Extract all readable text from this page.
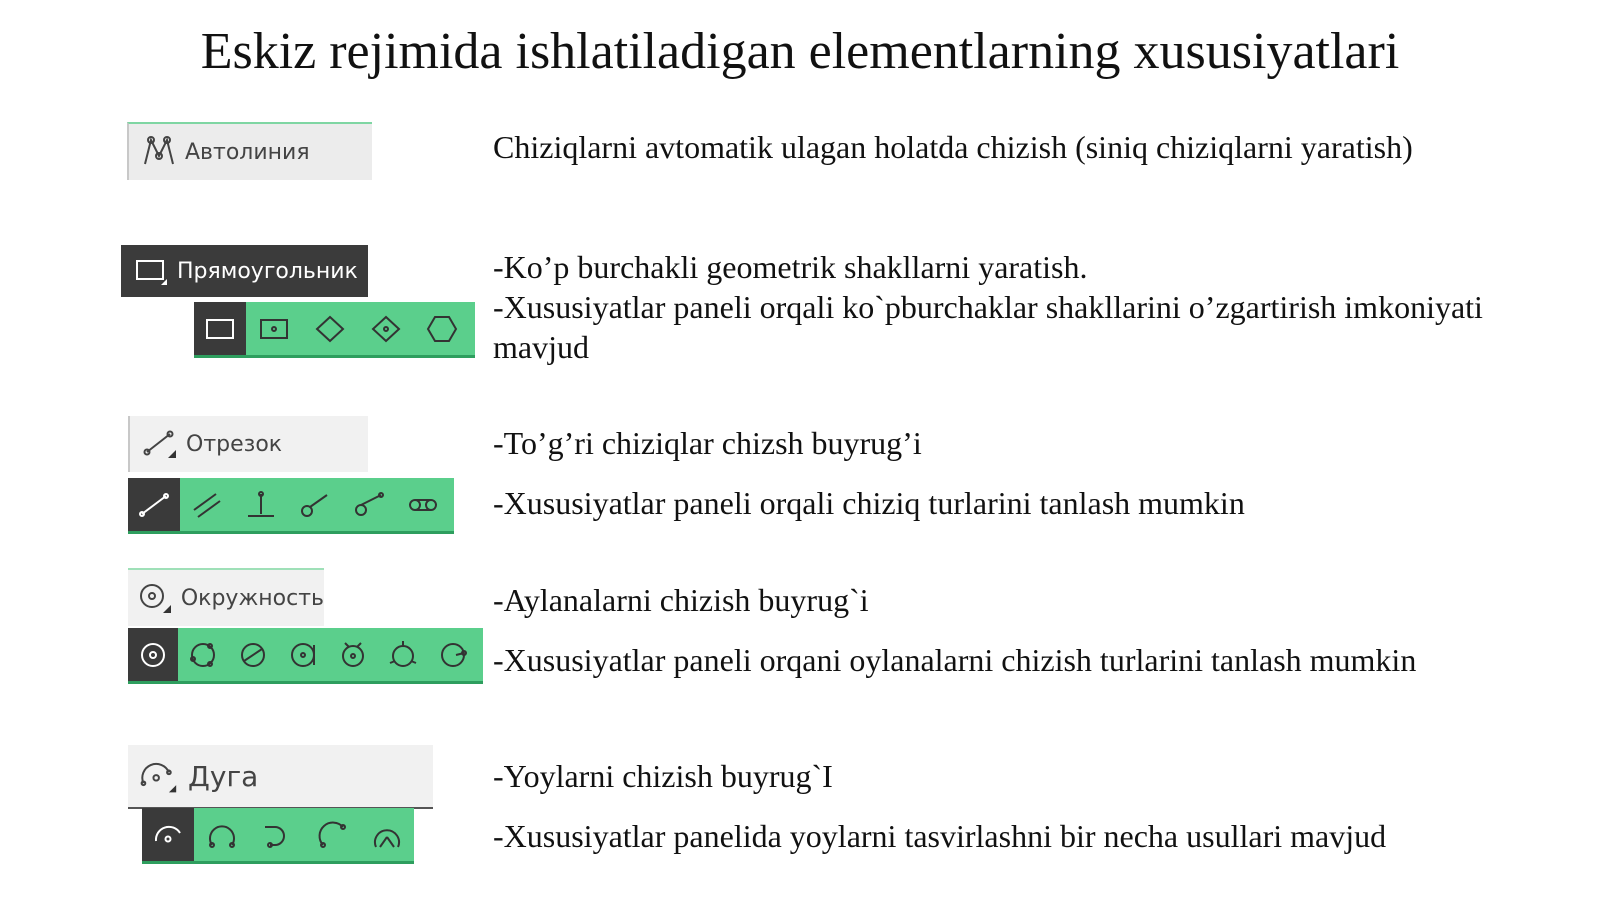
Eskiz rejimida ishlatiladigan elementlarning xususiyatlari
Автолиния	Chiziqlarni avtomatik ulagan holatda chizish (siniq chiziqlarni yaratish)
Прямоугольник	-Ko’p burchakli geometrik shakllarni yaratish.
-Xususiyatlar paneli orqali ko`pburchaklar shakllarini o’zgartirish imkoniyati mavjud
Отрезок	-To’g’ri chiziqlar chizsh buyrug’i
-Xususiyatlar paneli orqali chiziq turlarini tanlash mumkin
Окружность	-Aylanalarni chizish buyrug`i
-Xususiyatlar paneli orqani oylanalarni chizish turlarini tanlash mumkin
Дуга	-Yoylarni chizish buyrug`I
-Xususiyatlar panelida yoylarni tasvirlashni bir necha usullari mavjud
